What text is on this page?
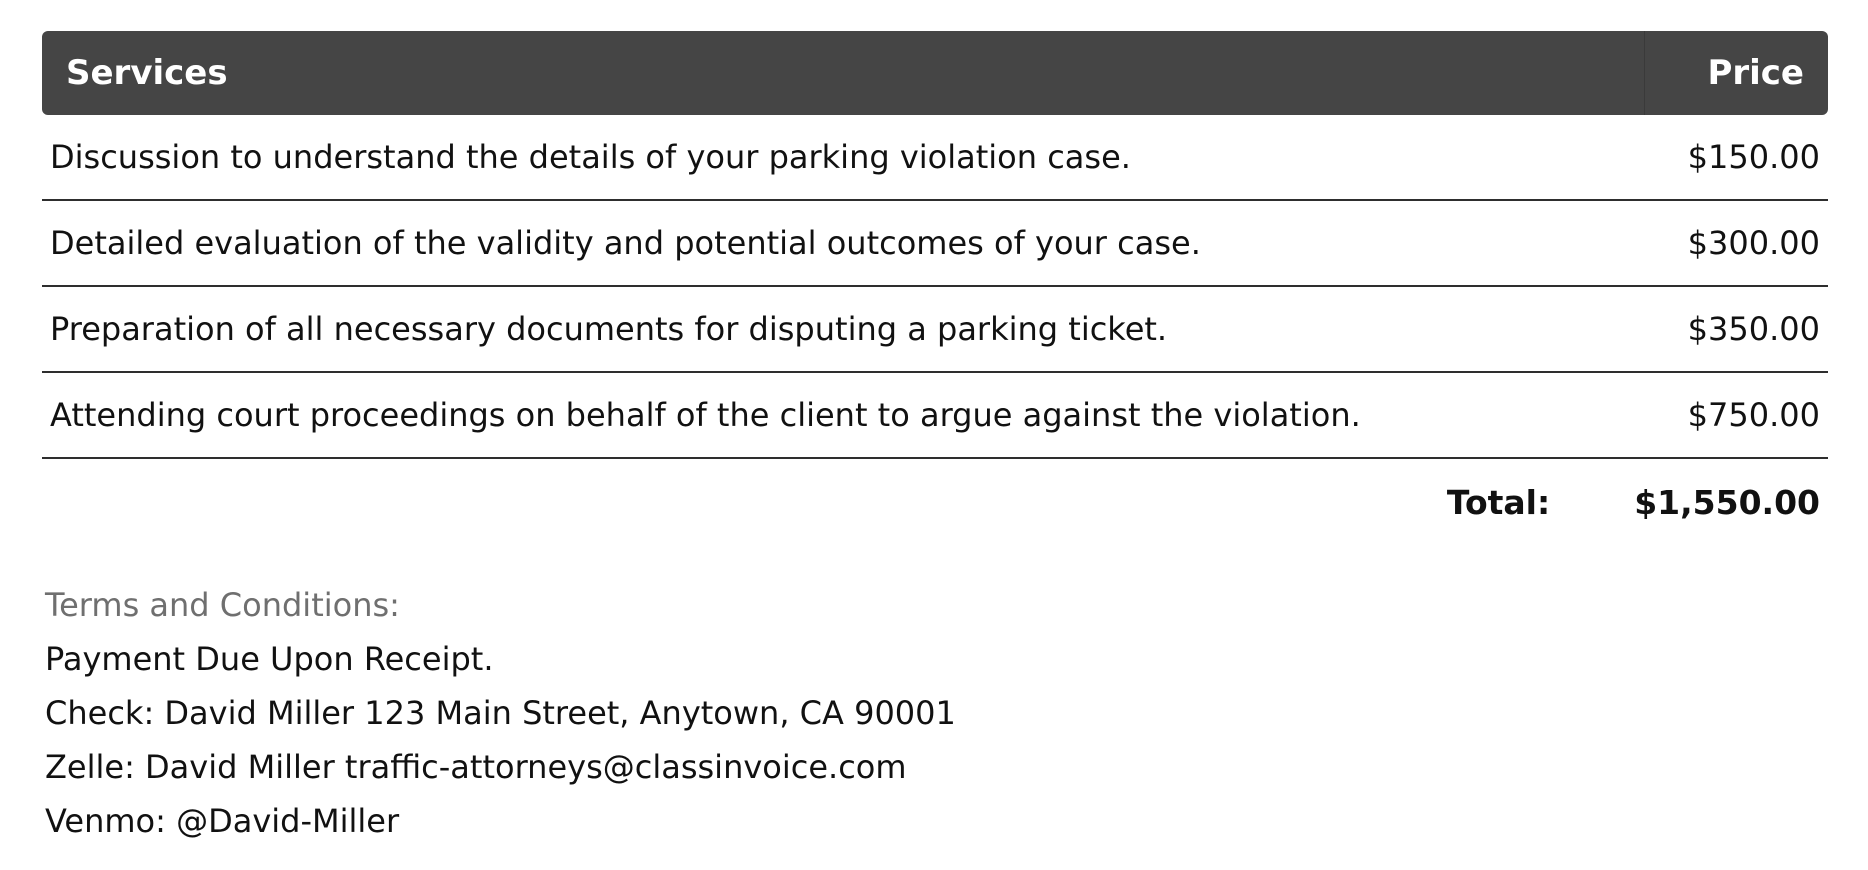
Services	Price
Discussion to understand the details of your parking violation case.	$150.00
Detailed evaluation of the validity and potential outcomes of your case.	$300.00
Preparation of all necessary documents for disputing a parking ticket.	$350.00
Attending court proceedings on behalf of the client to argue against the violation.	$750.00
Total:	$1,550.00
Terms and Conditions:
Payment Due Upon Receipt.
Check: David Miller 123 Main Street, Anytown, CA 90001
Zelle: David Miller traffic-attorneys@classinvoice.com
Venmo: @David-Miller
